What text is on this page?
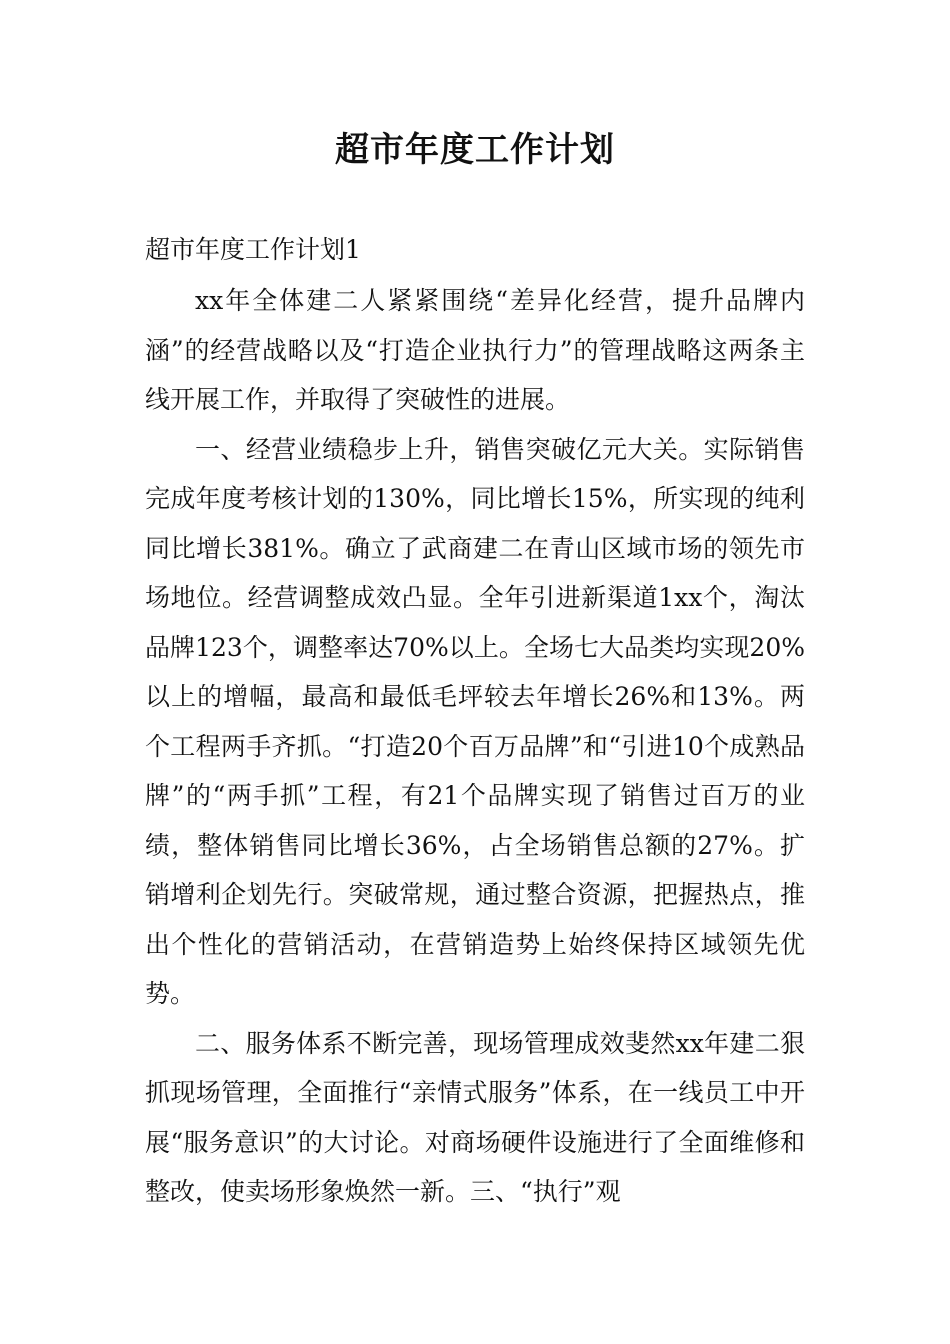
超市年度工作计划

超市年度工作计划1

xx年全体建二人紧紧围绕“差异化经营，提升品牌内涵”的经营战略以及“打造企业执行力”的管理战略这两条主线开展工作，并取得了突破性的进展。

一、经营业绩稳步上升，销售突破亿元大关。实际销售完成年度考核计划的130%，同比增长15%，所实现的纯利同比增长381%。确立了武商建二在青山区域市场的领先市场地位。经营调整成效凸显。全年引进新渠道1xx个，淘汰品牌123个，调整率达70%以上。全场七大品类均实现20%以上的增幅，最高和最低毛坪较去年增长26%和13%。两个工程两手齐抓。“打造20个百万品牌”和“引进10个成熟品牌”的“两手抓”工程，有21个品牌实现了销售过百万的业绩，整体销售同比增长36%，占全场销售总额的27%。扩销增利企划先行。突破常规，通过整合资源，把握热点，推出个性化的营销活动，在营销造势上始终保持区域领先优势。

二、服务体系不断完善，现场管理成效斐然xx年建二狠抓现场管理，全面推行“亲情式服务”体系，在一线员工中开展“服务意识”的大讨论。对商场硬件设施进行了全面维修和整改，使卖场形象焕然一新。三、“执行”观
